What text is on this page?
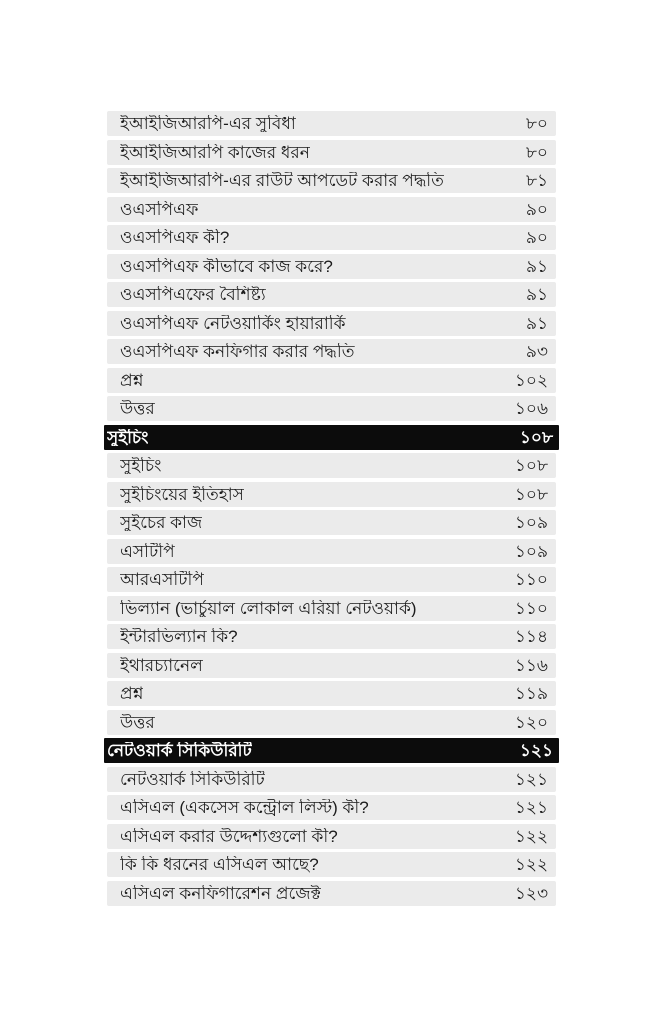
ইআইজিআরপি-এর সুবিধা	৮০
ইআইজিআরপি কাজের ধরন	৮০
ইআইজিআরপি-এর রাউট আপডেট করার পদ্ধতি	৮১
ওএসপিএফ	৯০
ওএসপিএফ কী?	৯০
ওএসপিএফ কীভাবে কাজ করে?	৯১
ওএসপিএফের বৈশিষ্ট্য	৯১
ওএসপিএফ নেটওয়ার্কিং হায়ারার্কি	৯১
ওএসপিএফ কনফিগার করার পদ্ধতি	৯৩
প্রশ্ন	১০২
উত্তর	১০৬
সুইচিং	১০৮
সুইচিং	১০৮
সুইচিংয়ের ইতিহাস	১০৮
সুইচের কাজ	১০৯
এসটিপি	১০৯
আরএসটিপি	১১০
ভিল্যান (ভার্চুয়াল লোকাল এরিয়া নেটওয়ার্ক)	১১০
ইন্টারভিল্যান কি?	১১৪
ইথারচ্যানেল	১১৬
প্রশ্ন	১১৯
উত্তর	১২০
নেটওয়ার্ক সিকিউরিটি	১২১
নেটওয়ার্ক সিকিউরিটি	১২১
এসিএল (একসেস কন্ট্রোল লিস্ট) কী?	১২১
এসিএল করার উদ্দেশ্যগুলো কী?	১২২
কি কি ধরনের এসিএল আছে?	১২২
এসিএল কনফিগারেশন প্রজেক্ট	১২৩
